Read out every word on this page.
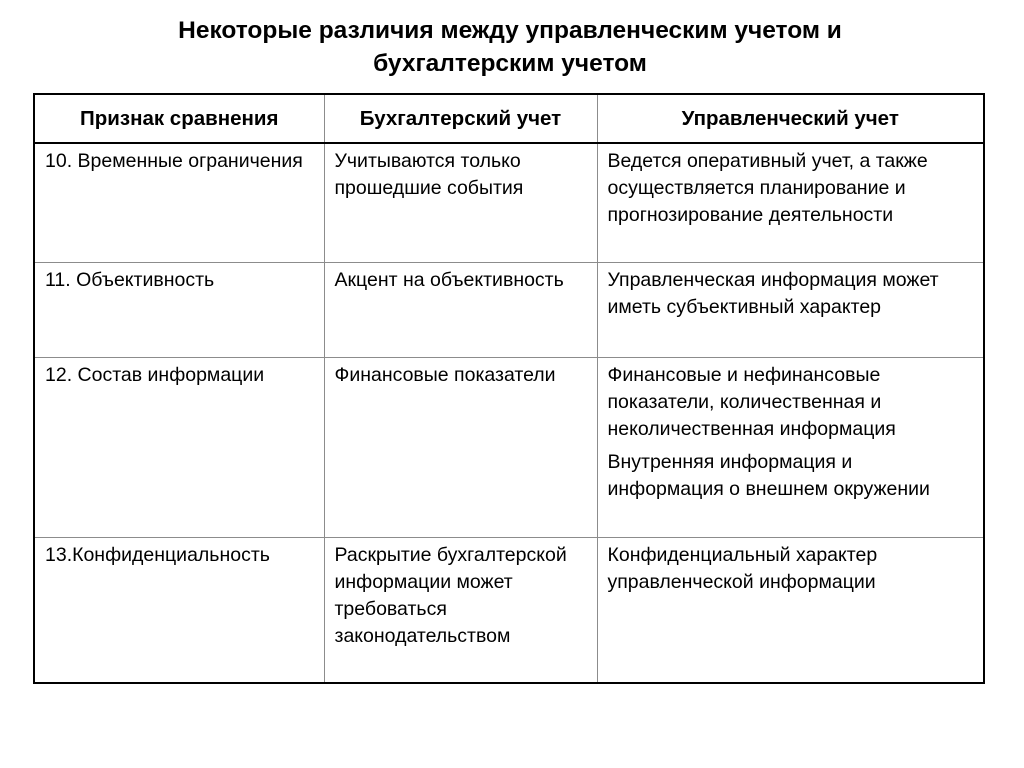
Некоторые различия между управленческим учетом и
бухгалтерским учетом
Признак сравнения	Бухгалтерский учет	Управленческий учет
10. Временные ограничения	Учитываются только прошедшие события	Ведется оперативный учет, а также осуществляется планирование и прогнозирование деятельности

11. Объективность	Акцент на объективность	Управленческая информация может иметь субъективный характер

12. Состав информации	Финансовые показатели	Финансовые и нефинансовые показатели, количественная и неколичественная информация
Внутренняя информация и информация о внешнем окружении

13.Конфиденциальность	Раскрытие бухгалтерской информации может требоваться законодательством	Конфиденциальный характер управленческой информации
